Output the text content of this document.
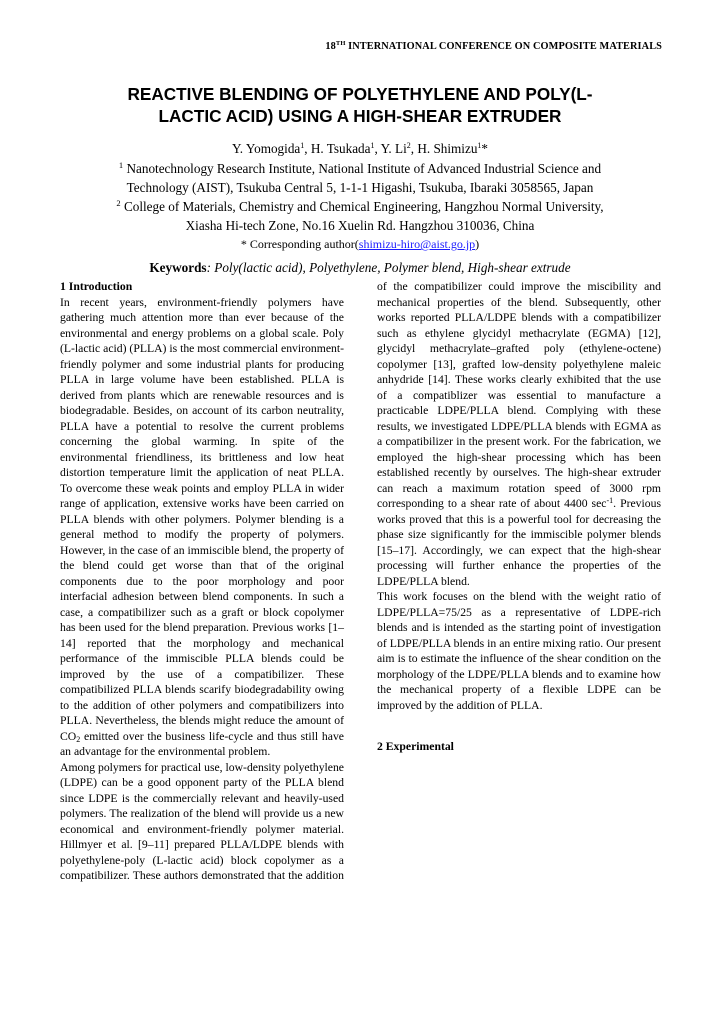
18TH INTERNATIONAL CONFERENCE ON COMPOSITE MATERIALS
REACTIVE BLENDING OF POLYETHYLENE AND POLY(L-
LACTIC ACID) USING A HIGH-SHEAR EXTRUDER
Y. Yomogida$^1$, H. Tsukada$^1$, Y. Li$^2$, H. Shimizu$^1$*
$^1$ Nanotechnology Research Institute, National Institute of Advanced Industrial Science and
Technology (AIST), Tsukuba Central 5, 1-1-1 Higashi, Tsukuba, Ibaraki 3058565, Japan
$^2$ College of Materials, Chemistry and Chemical Engineering, Hangzhou Normal University,
Xiasha Hi-tech Zone, No.16 Xuelin Rd. Hangzhou 310036, China
* Corresponding author(shimizu-hiro@aist.go.jp)
Keywords: Poly(lactic acid), Polyethylene, Polymer blend, High-shear extrude
1 Introduction

In recent years, environment-friendly polymers have gathering much attention more than ever because of the environmental and energy problems on a global scale. Poly (L-lactic acid) (PLLA) is the most commercial environment-friendly polymer and some industrial plants for producing PLLA in large volume have been established. PLLA is derived from plants which are renewable resources and is biodegradable. Besides, on account of its carbon neutrality, PLLA have a potential to resolve the current problems concerning the global warming. In spite of the environmental friendliness, its brittleness and low heat distortion temperature limit the application of neat PLLA. To overcome these weak points and employ PLLA in wider range of application, extensive works have been carried on PLLA blends with other polymers. Polymer blending is a general method to modify the property of polymers. However, in the case of an immiscible blend, the property of the blend could get worse than that of the original components due to the poor morphology and poor interfacial adhesion between blend components. In such a case, a compatibilizer such as a graft or block copolymer has been used for the blend preparation. Previous works [1–14] reported that the morphology and mechanical performance of the immiscible PLLA blends could be improved by the use of a compatibilizer. These compatibilized PLLA blends scarify biodegradability owing to the addition of other polymers and compatibilizers into PLLA. Nevertheless, the blends might reduce the amount of $CO_2$ emitted over the business life-cycle and thus still have an advantage for the environmental problem.

Among polymers for practical use, low-density polyethylene (LDPE) can be a good opponent party of the PLLA blend since LDPE is the commercially relevant and heavily-used polymers. The realization of the blend will provide us a new economical and environment-friendly polymer material. Hillmyer et al. [9–11] prepared PLLA/LDPE blends with polyethylene-poly (L-lactic acid) block copolymer as a compatibilizer. These authors demonstrated that the addition

of the compatibilizer could improve the miscibility and mechanical properties of the blend. Subsequently, other works reported PLLA/LDPE blends with a compatibilizer such as ethylene glycidyl methacrylate (EGMA) [12], glycidyl methacrylate–grafted poly (ethylene-octene) copolymer [13], grafted low-density polyethylene maleic anhydride [14]. These works clearly exhibited that the use of a compatiblizer was essential to manufacture a practicable LDPE/PLLA blend. Complying with these results, we investigated LDPE/PLLA blends with EGMA as a compatibilizer in the present work. For the fabrication, we employed the high-shear processing which has been established recently by ourselves. The high-shear extruder can reach a maximum rotation speed of 3000 rpm corresponding to a shear rate of about 4400 $\sec^{-1}$. Previous works proved that this is a powerful tool for decreasing the phase size significantly for the immiscible polymer blends [15–17]. Accordingly, we can expect that the high-shear processing will further enhance the properties of the LDPE/PLLA blend.

This work focuses on the blend with the weight ratio of LDPE/PLLA=75/25 as a representative of LDPE-rich blends and is intended as the starting point of investigation of LDPE/PLLA blends in an entire mixing ratio. Our present aim is to estimate the influence of the shear condition on the morphology of the LDPE/PLLA blends and to examine how the mechanical property of a flexible LDPE can be improved by the addition of PLLA.

2 Experimental
